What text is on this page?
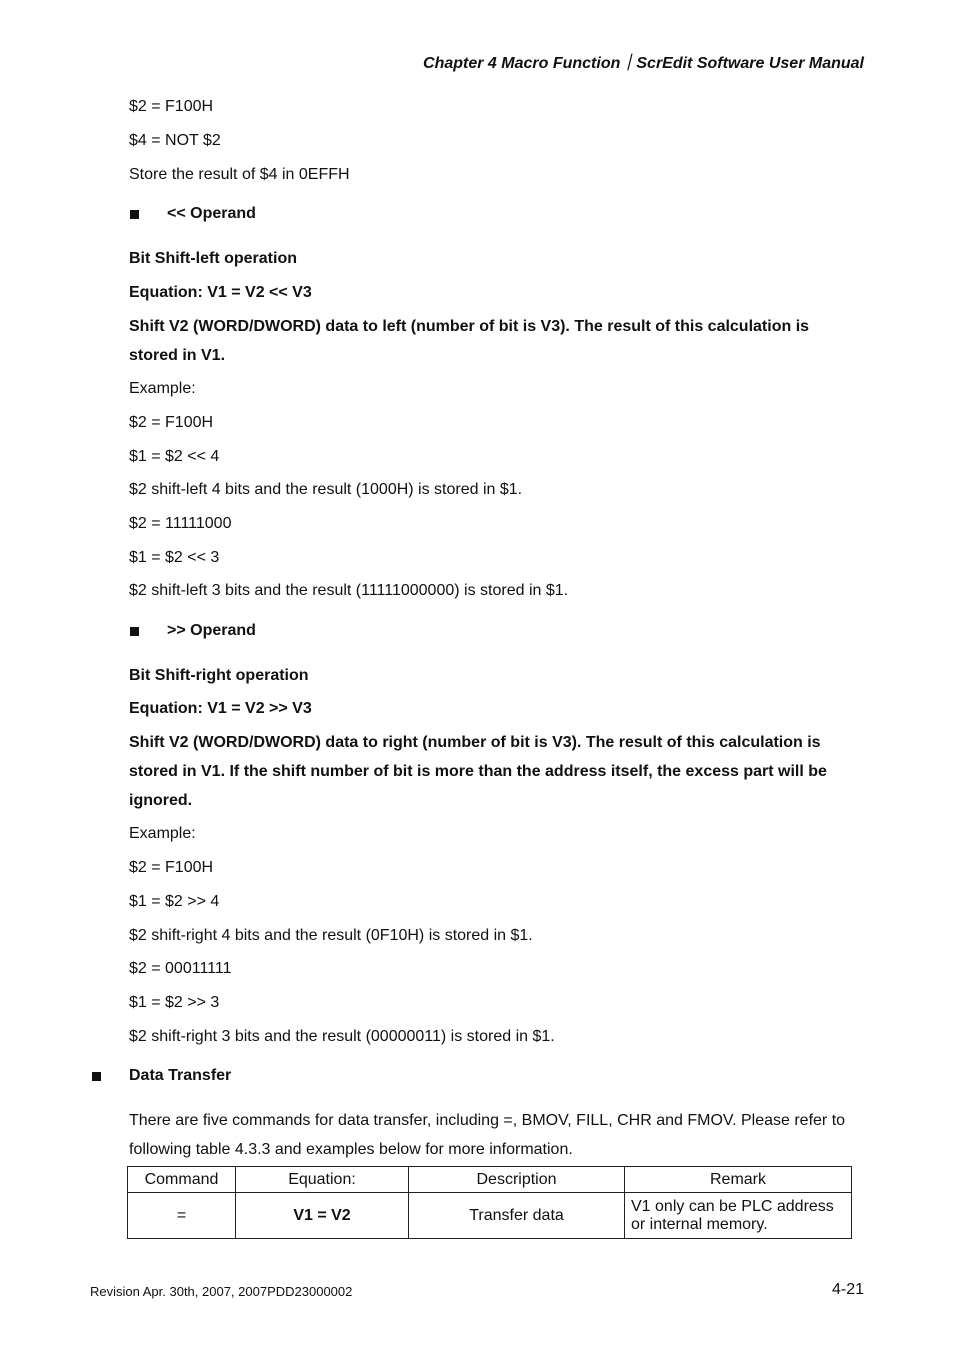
Chapter 4 Macro Function｜ScrEdit Software User Manual
$2 = F100H
$4 = NOT $2
Store the result of $4 in 0EFFH
<< Operand
Bit Shift-left operation
Equation: V1 = V2 << V3
Shift V2 (WORD/DWORD) data to left (number of bit is V3). The result of this calculation is stored in V1.
Example:
$2 = F100H
$1 = $2 << 4
$2 shift-left 4 bits and the result (1000H) is stored in $1.
$2 = 11111000
$1 = $2 << 3
$2 shift-left 3 bits and the result (11111000000) is stored in $1.
>> Operand
Bit Shift-right operation
Equation: V1 = V2 >> V3
Shift V2 (WORD/DWORD) data to right (number of bit is V3). The result of this calculation is stored in V1. If the shift number of bit is more than the address itself, the excess part will be ignored.
Example:
$2 = F100H
$1 = $2 >> 4
$2 shift-right 4 bits and the result (0F10H) is stored in $1.
$2 = 00011111
$1 = $2 >> 3
$2 shift-right 3 bits and the result (00000011) is stored in $1.
Data Transfer
There are five commands for data transfer, including =, BMOV, FILL, CHR and FMOV. Please refer to following table 4.3.3 and examples below for more information.
Command	Equation:	Description	Remark
=	V1 = V2	Transfer data	V1 only can be PLC address or internal memory.
Revision Apr. 30th, 2007, 2007PDD23000002	4-21
